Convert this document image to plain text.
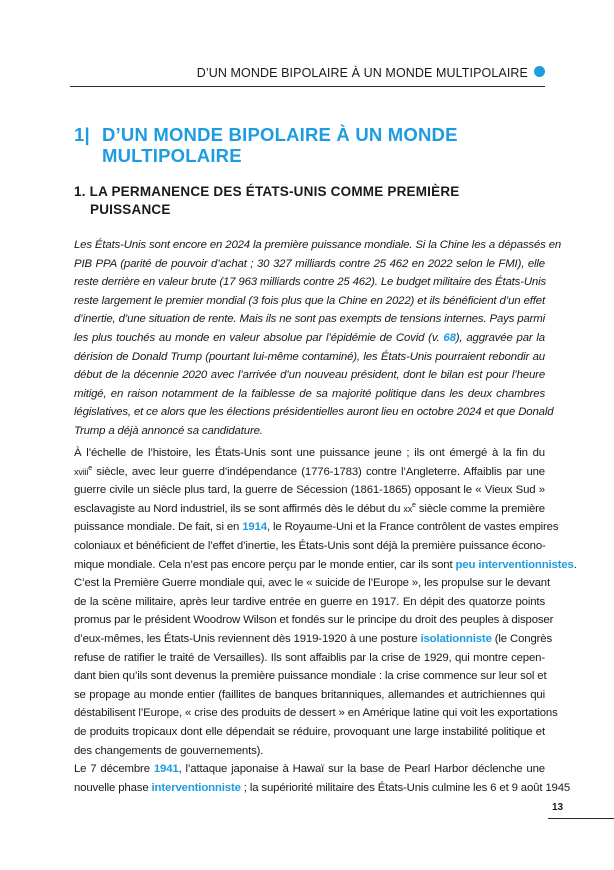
D’UN MONDE BIPOLAIRE À UN MONDE MULTIPOLAIRE
1| D’UN MONDE BIPOLAIRE À UN MONDE
MULTIPOLAIRE
1. LA PERMANENCE DES ÉTATS-UNIS COMME PREMIÈRE
PUISSANCE
Les États-Unis sont encore en 2024 la première puissance mondiale. Si la Chine les a dépassés en
PIB PPA (parité de pouvoir d’achat ; 30 327 milliards contre 25 462 en 2022 selon le FMI), elle
reste derrière en valeur brute (17 963 milliards contre 25 462). Le budget militaire des États-Unis
reste largement le premier mondial (3 fois plus que la Chine en 2022) et ils bénéficient d’un effet
d’inertie, d’une situation de rente. Mais ils ne sont pas exempts de tensions internes. Pays parmi
les plus touchés au monde en valeur absolue par l’épidémie de Covid (v. 68), aggravée par la
dérision de Donald Trump (pourtant lui-même contaminé), les États-Unis pourraient rebondir au
début de la décennie 2020 avec l’arrivée d’un nouveau président, dont le bilan est pour l’heure
mitigé, en raison notamment de la faiblesse de sa majorité politique dans les deux chambres
législatives, et ce alors que les élections présidentielles auront lieu en octobre 2024 et que Donald
Trump a déjà annoncé sa candidature.
À l’échelle de l’histoire, les États-Unis sont une puissance jeune ; ils ont émergé à la fin du
xviii$^e$ siècle, avec leur guerre d’indépendance (1776-1783) contre l’Angleterre. Affaiblis par une
guerre civile un siècle plus tard, la guerre de Sécession (1861-1865) opposant le « Vieux Sud »
esclavagiste au Nord industriel, ils se sont affirmés dès le début du $xx^e$ siècle comme la première
puissance mondiale. De fait, si en 1914, le Royaume-Uni et la France contrôlent de vastes empires
coloniaux et bénéficient de l’effet d’inertie, les États-Unis sont déjà la première puissance écono-
mique mondiale. Cela n’est pas encore perçu par le monde entier, car ils sont peu interventionnistes.
C’est la Première Guerre mondiale qui, avec le « suicide de l’Europe », les propulse sur le devant
de la scène militaire, après leur tardive entrée en guerre en 1917. En dépit des quatorze points
promus par le président Woodrow Wilson et fondés sur le principe du droit des peuples à disposer
d’eux-mêmes, les États-Unis reviennent dès 1919-1920 à une posture isolationniste (le Congrès
refuse de ratifier le traité de Versailles). Ils sont affaiblis par la crise de 1929, qui montre cepen-
dant bien qu’ils sont devenus la première puissance mondiale : la crise commence sur leur sol et
se propage au monde entier (faillites de banques britanniques, allemandes et autrichiennes qui
déstabilisent l’Europe, « crise des produits de dessert » en Amérique latine qui voit les exportations
de produits tropicaux dont elle dépendait se réduire, provoquant une large instabilité politique et
des changements de gouvernements).
Le 7 décembre 1941, l’attaque japonaise à Hawaï sur la base de Pearl Harbor déclenche une
nouvelle phase interventionniste ; la supériorité militaire des États-Unis culmine les 6 et 9 août 1945
13
